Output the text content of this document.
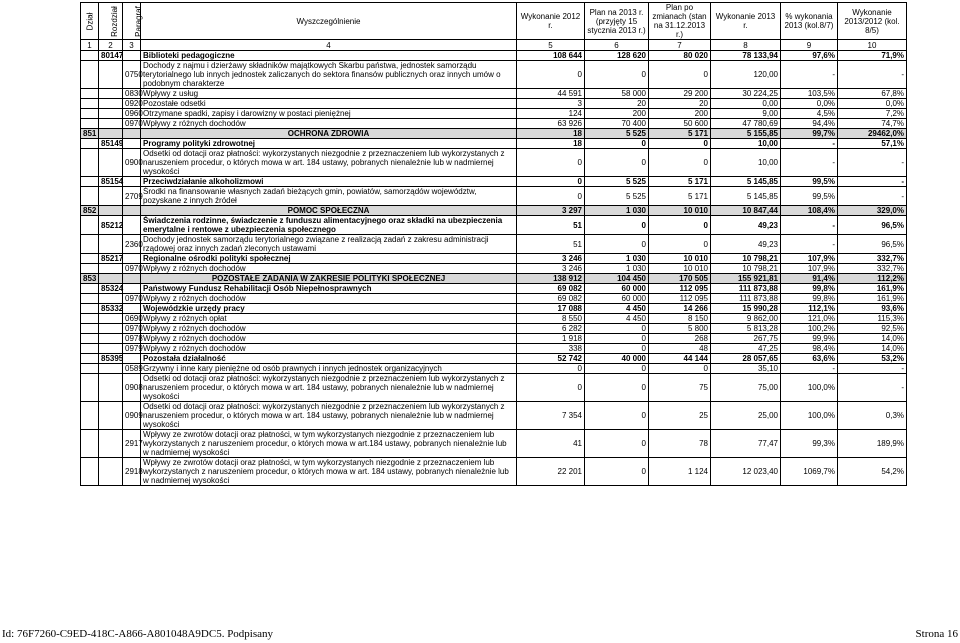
Dział	Rozdział	Paragraf	Wyszczególnienie	Wykonanie 2012 r.	Plan na 2013 r. (przyjęty 15 stycznia 2013 r.)	Plan po zmianach (stan na 31.12.2013 r.)	Wykonanie 2013 r.	% wykonania 2013 (kol.8/7)	Wykonanie 2013/2012 (kol. 8/5)
1	2	3	4	5	6	7	8	9	10
	80147		Biblioteki pedagogiczne	108 644	128 620	80 020	78 133,94	97,6%	71,9%
		0750	Dochody z najmu i dzierżawy składników majątkowych Skarbu państwa, jednostek samorządu terytorialnego lub innych jednostek zaliczanych do sektora finansów publicznych oraz innych umów o podobnym charakterze	0	0	0	120,00	-	-
		0830	Wpływy z usług	44 591	58 000	29 200	30 224,25	103,5%	67,8%
		0920	Pozostałe odsetki	3	20	20	0,00	0,0%	0,0%
		0960	Otrzymane spadki, zapisy i darowizny w postaci pieniężnej	124	200	200	9,00	4,5%	7,2%
		0970	Wpływy z różnych dochodów	63 926	70 400	50 600	47 780,69	94,4%	74,7%
851			OCHRONA ZDROWIA	18	5 525	5 171	5 155,85	99,7%	29462,0%
	85149		Programy polityki zdrowotnej	18	0	0	10,00	-	57,1%
		0900	Odsetki od dotacji oraz płatności: wykorzystanych niezgodnie z przeznaczeniem lub wykorzystanych z naruszeniem procedur, o których mowa w art. 184 ustawy, pobranych nienależnie lub w nadmiernej wysokości	0	0	0	10,00	-	-
	85154		Przeciwdziałanie alkoholizmowi	0	5 525	5 171	5 145,85	99,5%	-
		2709	Środki na finansowanie własnych zadań bieżących gmin, powiatów, samorządów województw, pozyskane z innych źródeł	0	5 525	5 171	5 145,85	99,5%	-
852			POMOC SPOŁECZNA	3 297	1 030	10 010	10 847,44	108,4%	329,0%
	85212		Świadczenia rodzinne, świadczenie z funduszu alimentacyjnego oraz składki na ubezpieczenia emerytalne i rentowe z ubezpieczenia społecznego	51	0	0	49,23	-	96,5%
		2360	Dochody jednostek samorządu terytorialnego związane z realizacją zadań z zakresu administracji rządowej oraz innych zadań zleconych ustawami	51	0	0	49,23	-	96,5%
	85217		Regionalne ośrodki polityki społecznej	3 246	1 030	10 010	10 798,21	107,9%	332,7%
		0970	Wpływy z różnych dochodów	3 246	1 030	10 010	10 798,21	107,9%	332,7%
853			POZOSTAŁE ZADANIA W ZAKRESIE POLITYKI SPOŁECZNEJ	138 912	104 450	170 505	155 921,81	91,4%	112,2%
	85324		Państwowy Fundusz Rehabilitacji Osób Niepełnosprawnych	69 082	60 000	112 095	111 873,88	99,8%	161,9%
		0970	Wpływy z różnych dochodów	69 082	60 000	112 095	111 873,88	99,8%	161,9%
	85332		Wojewódzkie urzędy pracy	17 088	4 450	14 266	15 990,28	112,1%	93,6%
		0690	Wpływy z różnych opłat	8 550	4 450	8 150	9 862,00	121,0%	115,3%
		0970	Wpływy z różnych dochodów	6 282	0	5 800	5 813,28	100,2%	92,5%
		0978	Wpływy z różnych dochodów	1 918	0	268	267,75	99,9%	14,0%
		0979	Wpływy z różnych dochodów	338	0	48	47,25	98,4%	14,0%
	85395		Pozostała działalność	52 742	40 000	44 144	28 057,65	63,6%	53,2%
		0589	Grzywny i inne kary pieniężne od osób prawnych i innych jednostek organizacyjnych	0	0	0	35,10	-	-
		0908	Odsetki od dotacji oraz płatności: wykorzystanych niezgodnie z przeznaczeniem lub wykorzystanych z naruszeniem procedur, o których mowa w art. 184 ustawy, pobranych nienależnie lub w nadmiernej wysokości	0	0	75	75,00	100,0%	-
		0909	Odsetki od dotacji oraz płatności: wykorzystanych niezgodnie z przeznaczeniem lub wykorzystanych z naruszeniem procedur, o których mowa w art. 184 ustawy, pobranych nienależnie lub w nadmiernej wysokości	7 354	0	25	25,00	100,0%	0,3%
		2917	Wpływy ze zwrotów dotacji oraz płatności, w tym wykorzystanych niezgodnie z przeznaczeniem lub wykorzystanych z naruszeniem procedur, o których mowa w art.184 ustawy, pobranych nienależnie lub w nadmiernej wysokości	41	0	78	77,47	99,3%	189,9%
		2918	Wpływy ze zwrotów dotacji oraz płatności, w tym wykorzystanych niezgodnie z przeznaczeniem lub wykorzystanych z naruszeniem procedur, o których mowa w art. 184 ustawy, pobranych nienależnie lub w nadmiernej wysokości	22 201	0	1 124	12 023,40	1069,7%	54,2%
Id: 76F7260-C9ED-418C-A866-A801048A9DC5. Podpisany	Strona 16
